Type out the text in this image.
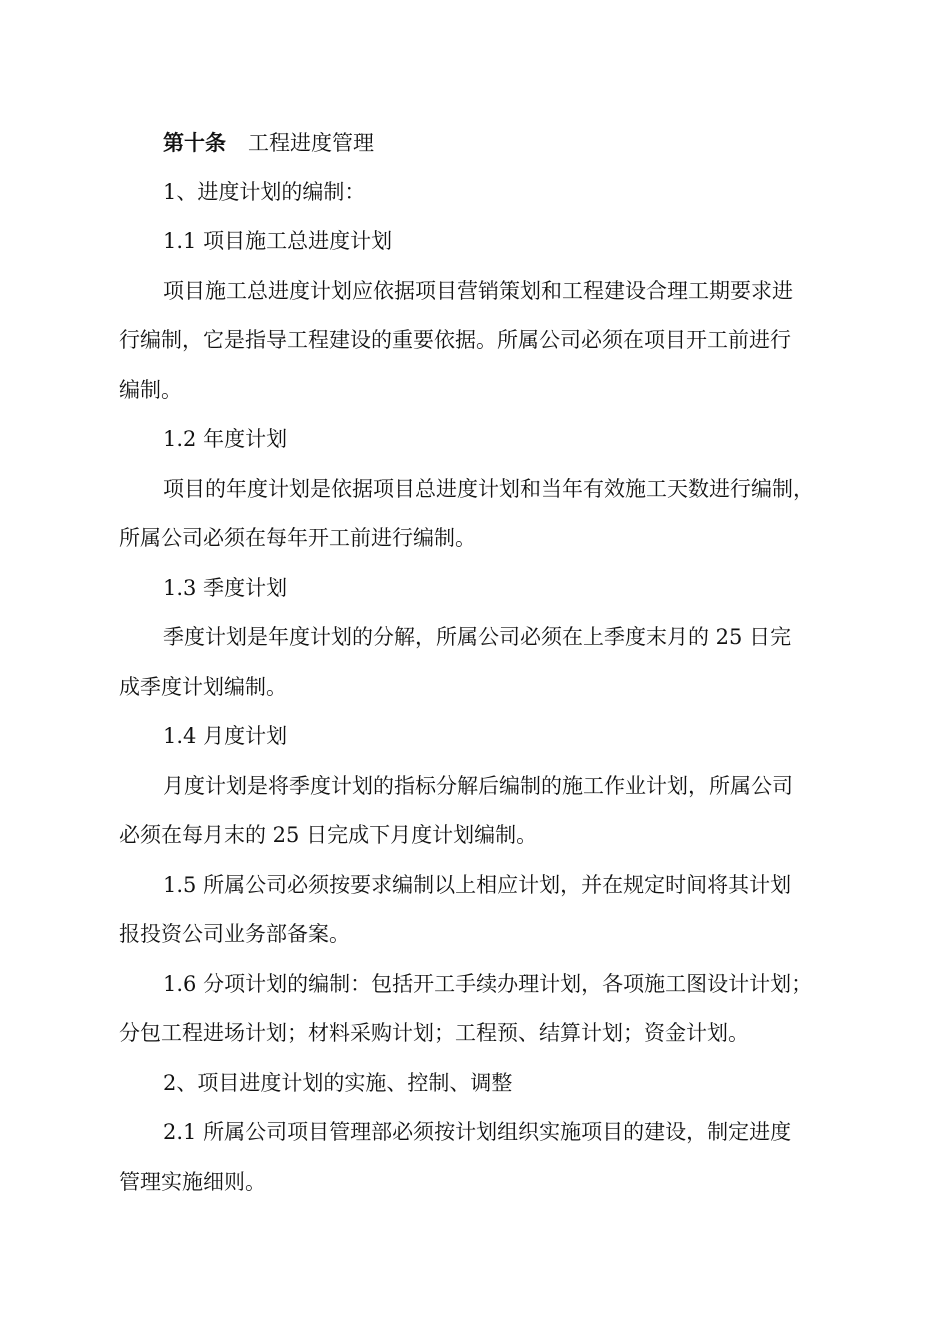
第十条 工程进度管理
1、进度计划的编制：
1.1 项目施工总进度计划
项目施工总进度计划应依据项目营销策划和工程建设合理工期要求进
行编制，它是指导工程建设的重要依据。所属公司必须在项目开工前进行
编制。
1.2 年度计划
项目的年度计划是依据项目总进度计划和当年有效施工天数进行编制，
所属公司必须在每年开工前进行编制。
1.3 季度计划
季度计划是年度计划的分解，所属公司必须在上季度末月的 25 日完
成季度计划编制。
1.4 月度计划
月度计划是将季度计划的指标分解后编制的施工作业计划，所属公司
必须在每月末的 25 日完成下月度计划编制。
1.5 所属公司必须按要求编制以上相应计划，并在规定时间将其计划
报投资公司业务部备案。
1.6 分项计划的编制：包括开工手续办理计划，各项施工图设计计划；
分包工程进场计划；材料采购计划；工程预、结算计划；资金计划。
2、项目进度计划的实施、控制、调整
2.1 所属公司项目管理部必须按计划组织实施项目的建设，制定进度
管理实施细则。
